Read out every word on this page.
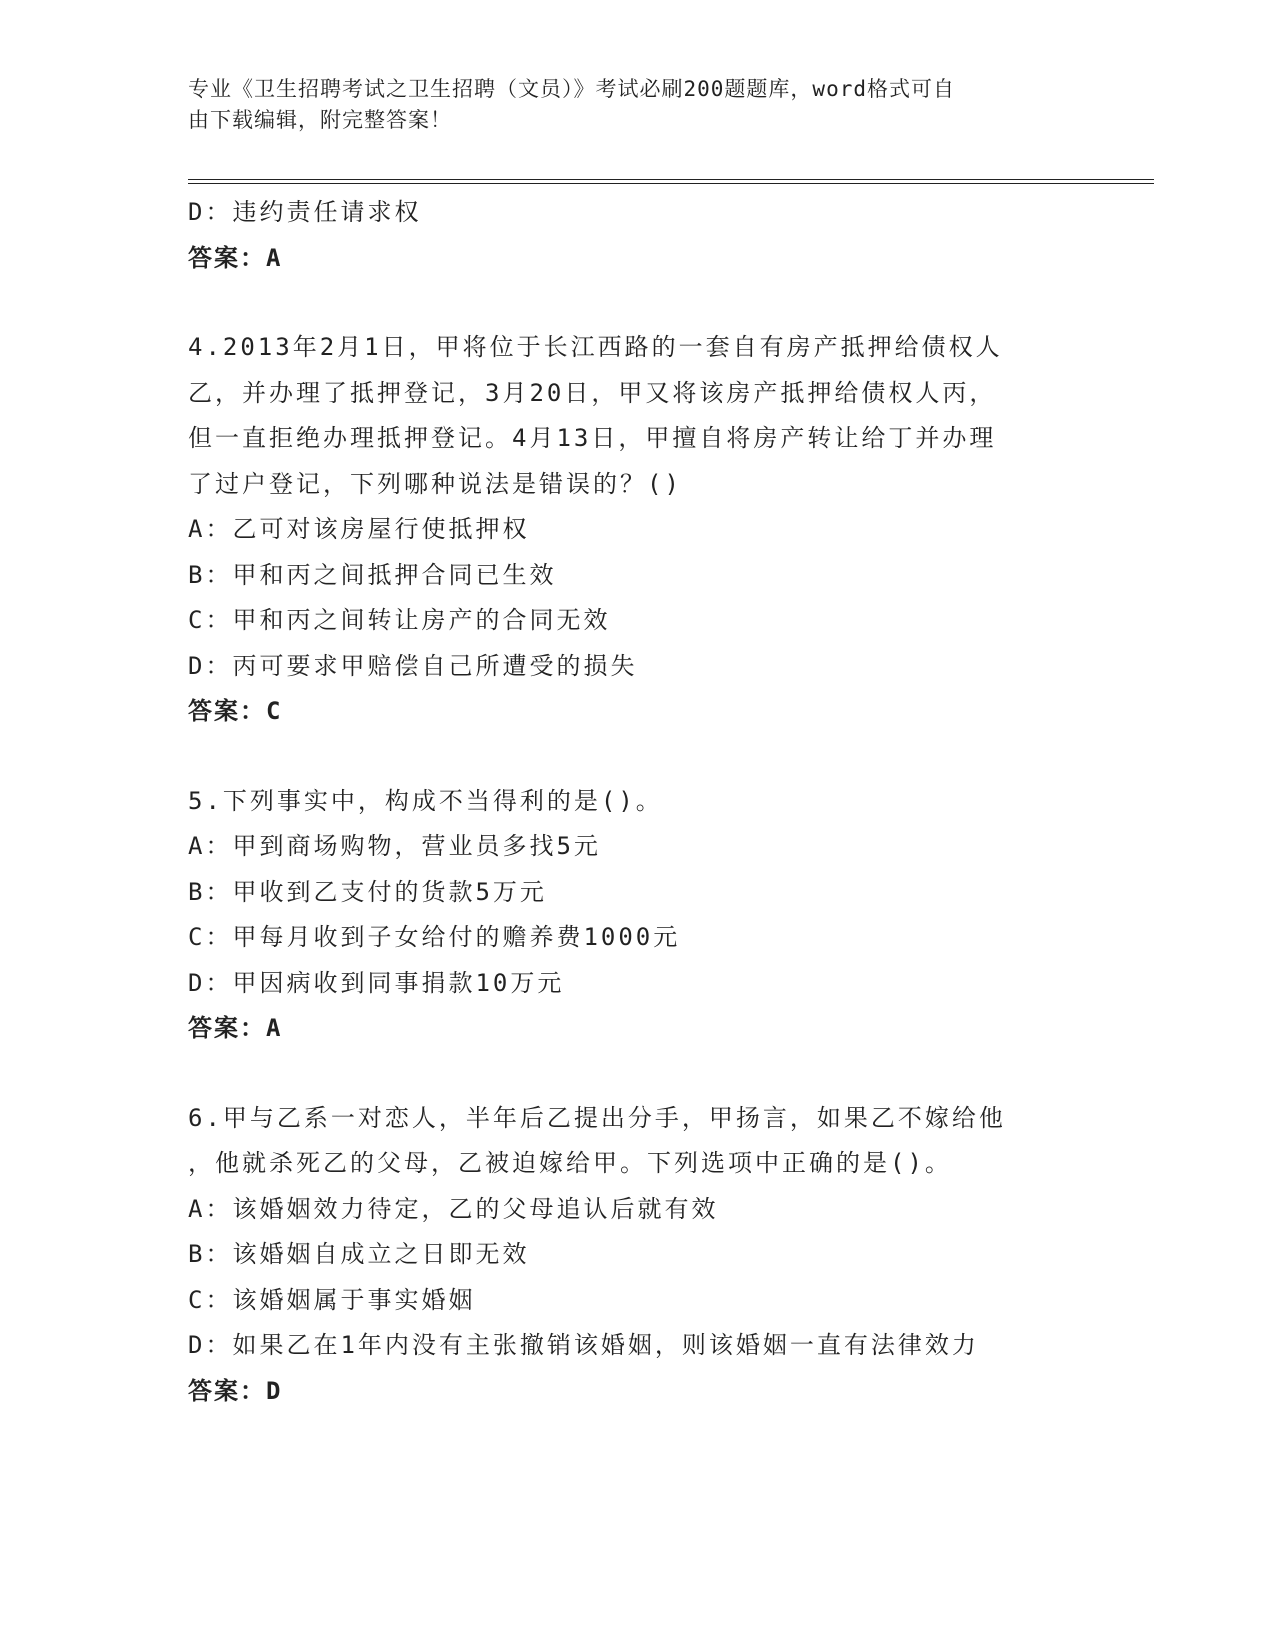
专业《卫生招聘考试之卫生招聘（文员）》考试必刷200题题库，word格式可自
由下载编辑，附完整答案！
D：违约责任请求权
答案：A
4.2013年2月1日，甲将位于长江西路的一套自有房产抵押给债权人
乙，并办理了抵押登记，3月20日，甲又将该房产抵押给债权人丙，
但一直拒绝办理抵押登记。4月13日，甲擅自将房产转让给丁并办理
了过户登记，下列哪种说法是错误的？()
A：乙可对该房屋行使抵押权
B：甲和丙之间抵押合同已生效
C：甲和丙之间转让房产的合同无效
D：丙可要求甲赔偿自己所遭受的损失
答案：C
5.下列事实中，构成不当得利的是()。
A：甲到商场购物，营业员多找5元
B：甲收到乙支付的货款5万元
C：甲每月收到子女给付的赡养费1000元
D：甲因病收到同事捐款10万元
答案：A
6.甲与乙系一对恋人，半年后乙提出分手，甲扬言，如果乙不嫁给他
，他就杀死乙的父母，乙被迫嫁给甲。下列选项中正确的是()。
A：该婚姻效力待定，乙的父母追认后就有效
B：该婚姻自成立之日即无效
C：该婚姻属于事实婚姻
D：如果乙在1年内没有主张撤销该婚姻，则该婚姻一直有法律效力
答案：D
